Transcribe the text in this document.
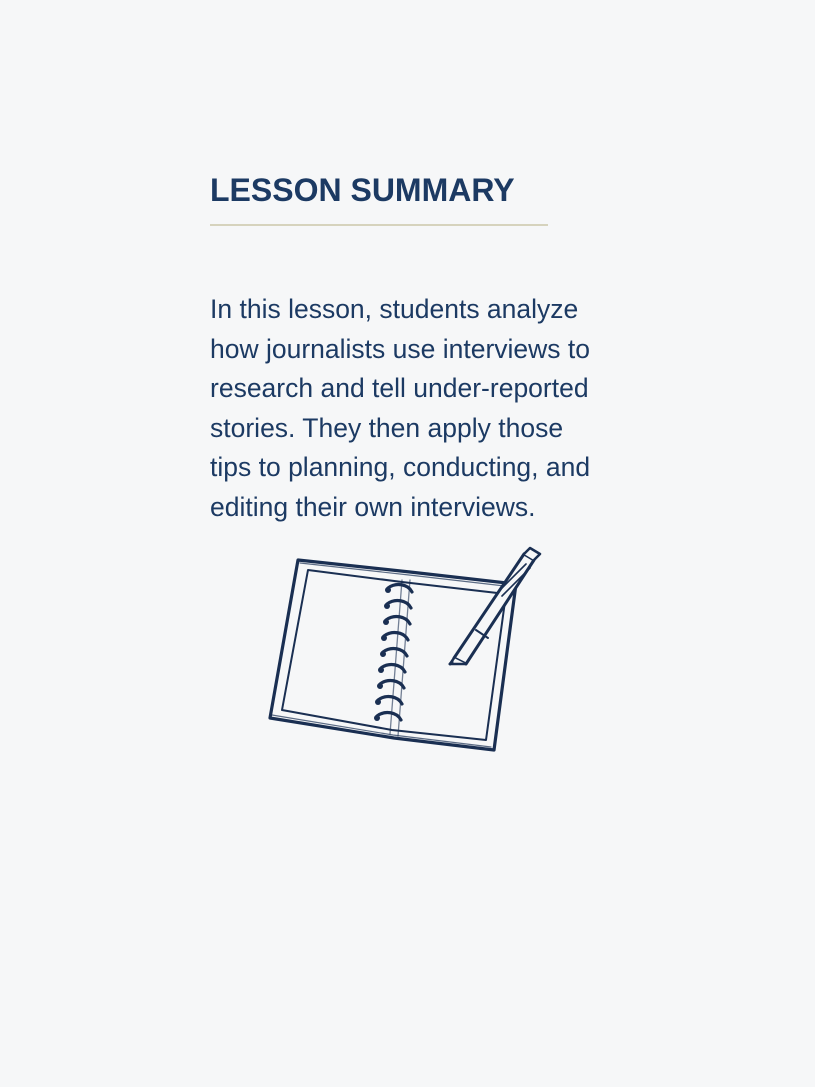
LESSON SUMMARY

In this lesson, students analyze
how journalists use interviews to
research and tell under-reported
stories. They then apply those
tips to planning, conducting, and
editing their own interviews.
